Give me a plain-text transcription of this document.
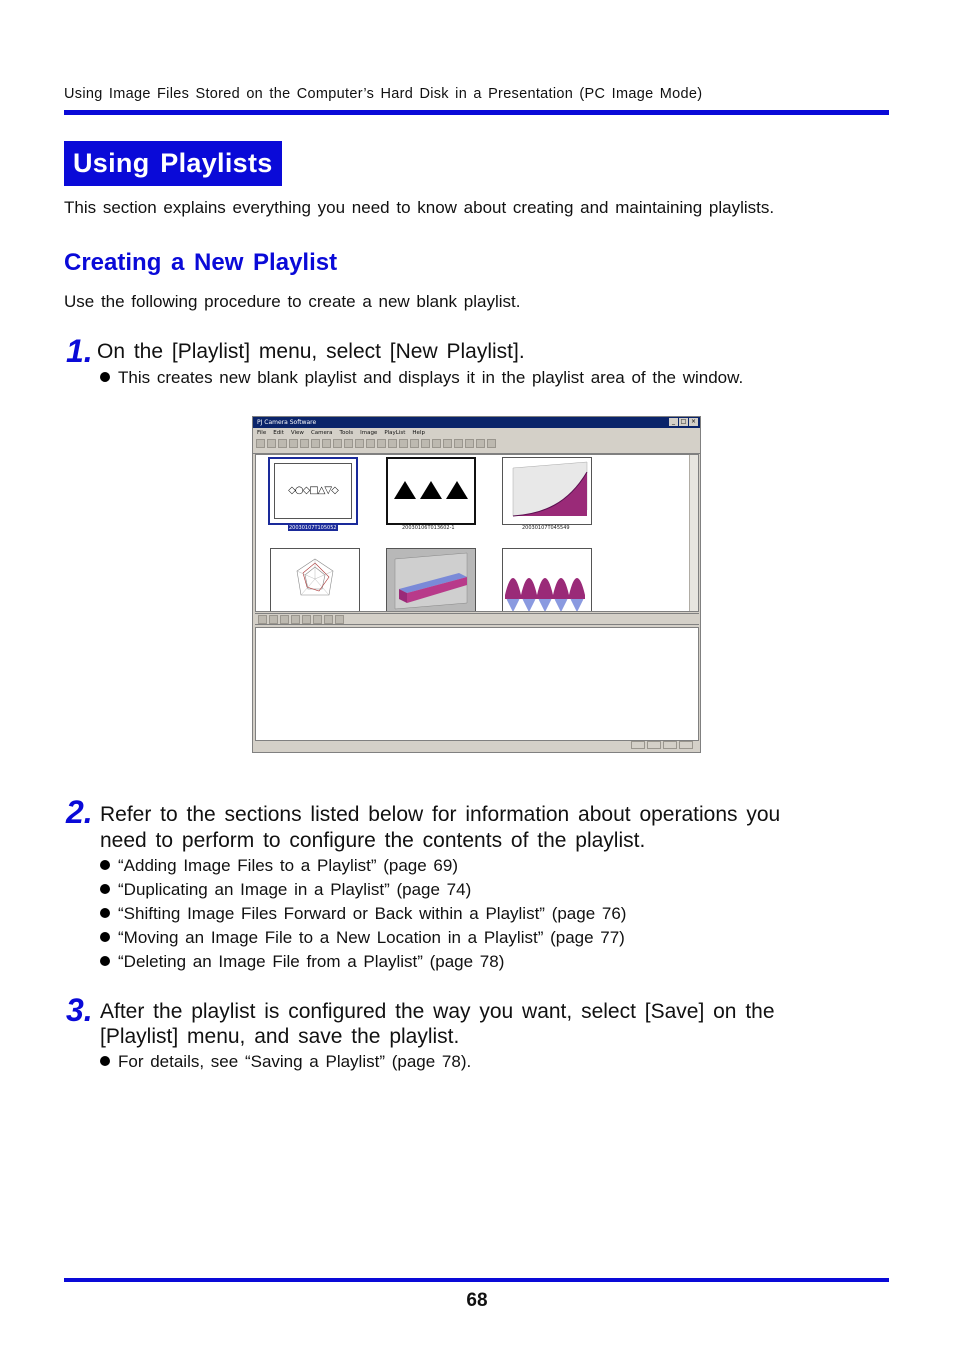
Using Image Files Stored on the Computer’s Hard Disk in a Presentation (PC Image Mode)
Using Playlists
This section explains everything you need to know about creating and maintaining playlists.
Creating a New Playlist
Use the following procedure to create a new blank playlist.
1. On the [Playlist] menu, select [New Playlist].
This creates new blank playlist and displays it in the playlist area of the window.
PJ Camera Software	_ □ ×
File Edit View Camera Tools Image PlayList Help
◇○◇□△▽◇
20030107T105052	20030106T013602-1	20030107T045549
2. Refer to the sections listed below for information about operations you
need to perform to configure the contents of the playlist.
“Adding Image Files to a Playlist” (page 69)
“Duplicating an Image in a Playlist” (page 74)
“Shifting Image Files Forward or Back within a Playlist” (page 76)
“Moving an Image File to a New Location in a Playlist” (page 77)
“Deleting an Image File from a Playlist” (page 78)
3. After the playlist is configured the way you want, select [Save] on the
[Playlist] menu, and save the playlist.
For details, see “Saving a Playlist” (page 78).
68
